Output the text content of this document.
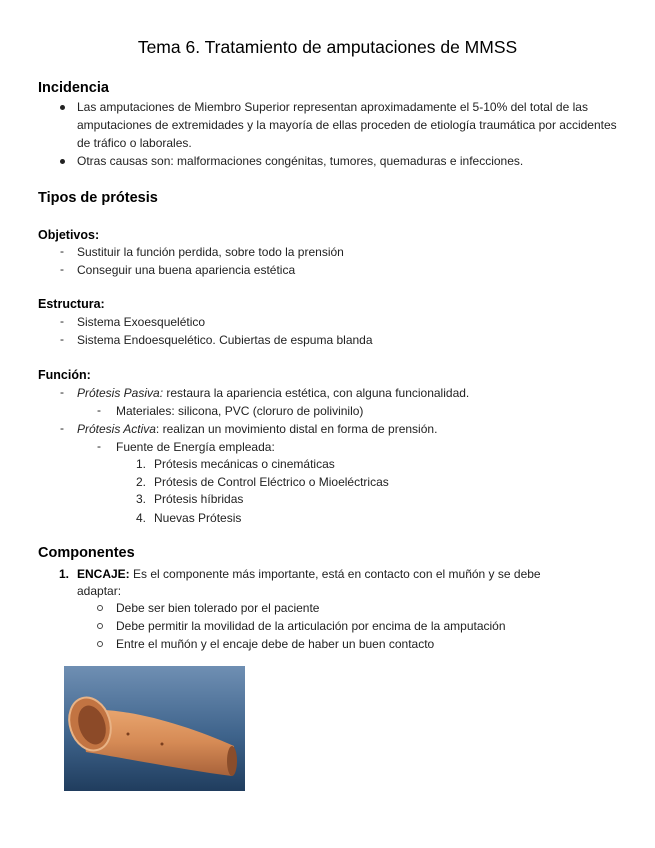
Tema 6. Tratamiento de amputaciones de MMSS
Incidencia
Las amputaciones de Miembro Superior representan aproximadamente el 5-10% del total de las amputaciones de extremidades y la mayoría de ellas proceden de etiología traumática por accidentes de tráfico o laborales.
Otras causas son: malformaciones congénitas, tumores, quemaduras e infecciones.
Tipos de prótesis
Objetivos:
- Sustituir la función perdida, sobre todo la prensión
- Conseguir una buena apariencia estética
Estructura:
- Sistema Exoesquelético
- Sistema Endoesquelético. Cubiertas de espuma blanda
Función:
- Prótesis Pasiva: restaura la apariencia estética, con alguna funcionalidad.
- Materiales: silicona, PVC (cloruro de polivinilo)
- Prótesis Activa: realizan un movimiento distal en forma de prensión.
- Fuente de Energía empleada:
1. Prótesis mecánicas o cinemáticas
2. Prótesis de Control Eléctrico o Mioeléctricas
3. Prótesis híbridas
4. Nuevas Prótesis
Componentes
1. ENCAJE: Es el componente más importante, está en contacto con el muñón y se debe
adaptar:
Debe ser bien tolerado por el paciente
Debe permitir la movilidad de la articulación por encima de la amputación
Entre el muñón y el encaje debe de haber un buen contacto
